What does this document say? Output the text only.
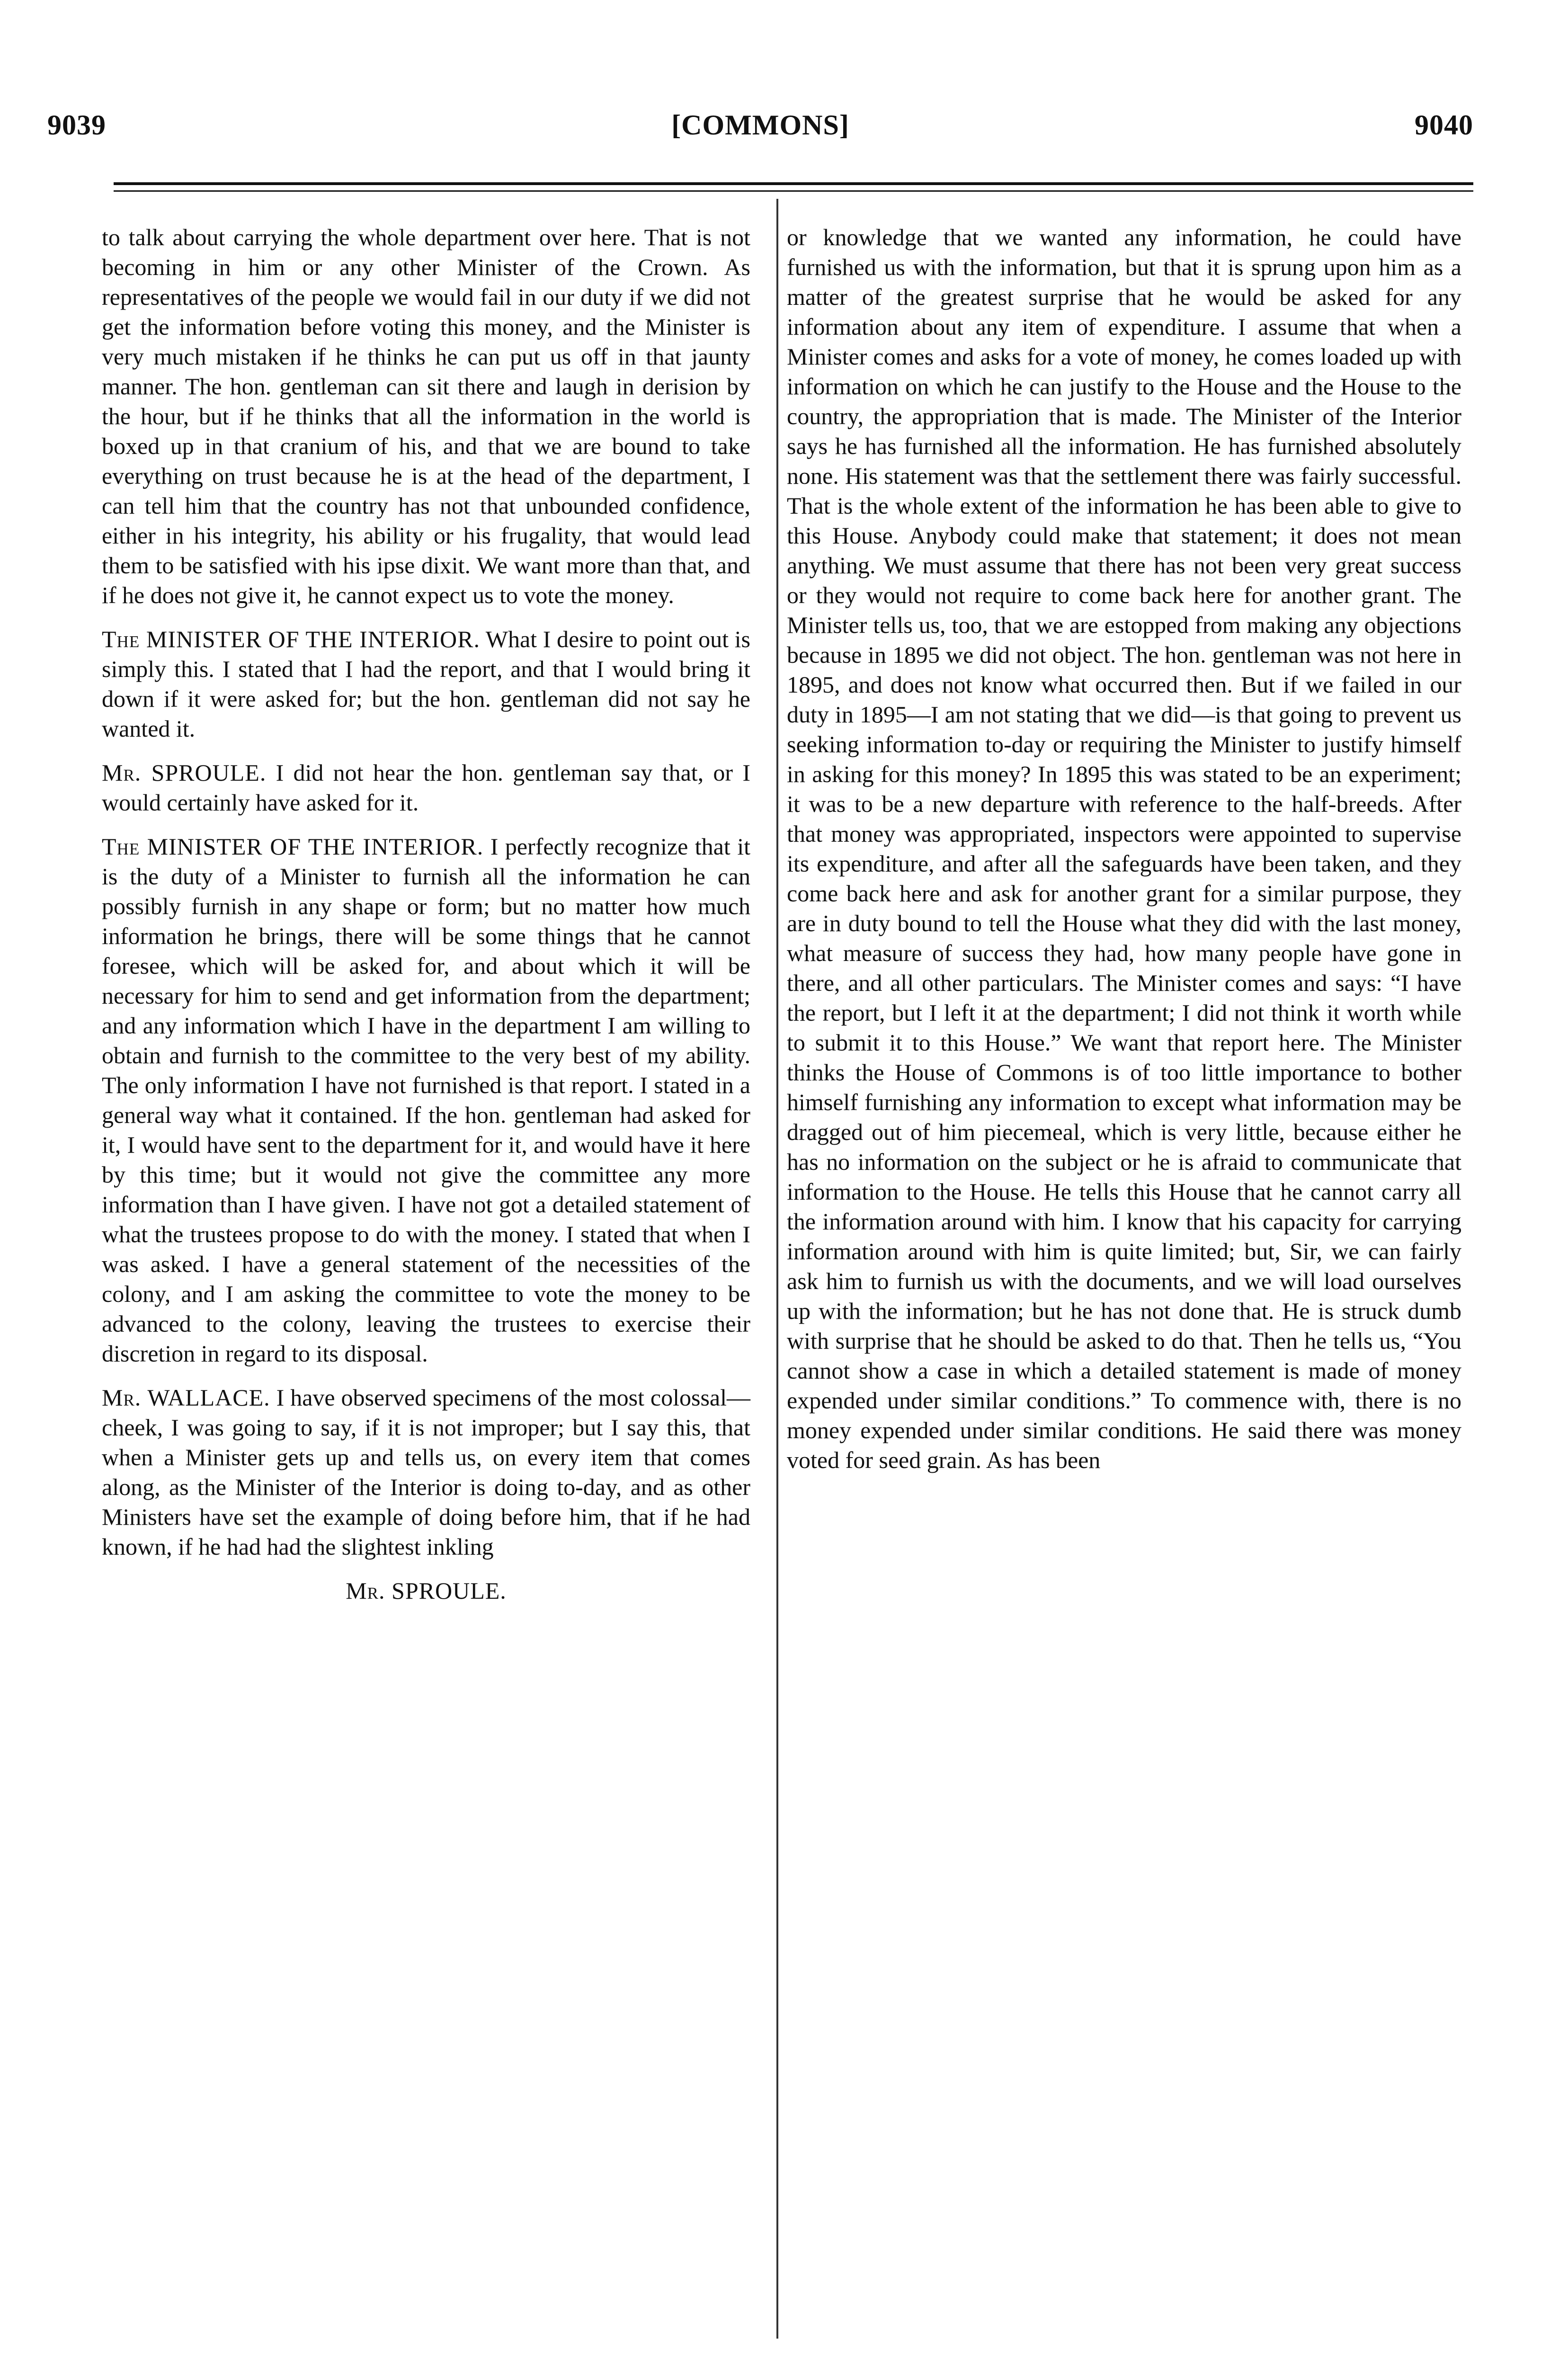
9039	[COMMONS]	9040

to talk about carrying the whole department over here. That is not becoming in him or any other Minister of the Crown. As representatives of the people we would fail in our duty if we did not get the information before voting this money, and the Minister is very much mistaken if he thinks he can put us off in that jaunty manner. The hon. gentleman can sit there and laugh in derision by the hour, but if he thinks that all the information in the world is boxed up in that cranium of his, and that we are bound to take everything on trust because he is at the head of the department, I can tell him that the country has not that unbounded confidence, either in his integrity, his ability or his frugality, that would lead them to be satisfied with his ipse dixit. We want more than that, and if he does not give it, he cannot expect us to vote the money.

The MINISTER OF THE INTERIOR. What I desire to point out is simply this. I stated that I had the report, and that I would bring it down if it were asked for; but the hon. gentleman did not say he wanted it.

Mr. SPROULE. I did not hear the hon. gentleman say that, or I would certainly have asked for it.

The MINISTER OF THE INTERIOR. I perfectly recognize that it is the duty of a Minister to furnish all the information he can possibly furnish in any shape or form; but no matter how much information he brings, there will be some things that he cannot foresee, which will be asked for, and about which it will be necessary for him to send and get information from the department; and any information which I have in the department I am willing to obtain and furnish to the committee to the very best of my ability. The only information I have not furnished is that report. I stated in a general way what it contained. If the hon. gentleman had asked for it, I would have sent to the department for it, and would have it here by this time; but it would not give the committee any more information than I have given. I have not got a detailed statement of what the trustees propose to do with the money. I stated that when I was asked. I have a general statement of the necessities of the colony, and I am asking the committee to vote the money to be advanced to the colony, leaving the trustees to exercise their discretion in regard to its disposal.

Mr. WALLACE. I have observed specimens of the most colossal—cheek, I was going to say, if it is not improper; but I say this, that when a Minister gets up and tells us, on every item that comes along, as the Minister of the Interior is doing to-day, and as other Ministers have set the example of doing before him, that if he had known, if he had had the slightest inkling

Mr. SPROULE.

or knowledge that we wanted any information, he could have furnished us with the information, but that it is sprung upon him as a matter of the greatest surprise that he would be asked for any information about any item of expenditure. I assume that when a Minister comes and asks for a vote of money, he comes loaded up with information on which he can justify to the House and the House to the country, the appropriation that is made. The Minister of the Interior says he has furnished all the information. He has furnished absolutely none. His statement was that the settlement there was fairly successful. That is the whole extent of the information he has been able to give to this House. Anybody could make that statement; it does not mean anything. We must assume that there has not been very great success or they would not require to come back here for another grant. The Minister tells us, too, that we are estopped from making any objections because in 1895 we did not object. The hon. gentleman was not here in 1895, and does not know what occurred then. But if we failed in our duty in 1895—I am not stating that we did—is that going to prevent us seeking information to-day or requiring the Minister to justify himself in asking for this money? In 1895 this was stated to be an experiment; it was to be a new departure with reference to the half-breeds. After that money was appropriated, inspectors were appointed to supervise its expenditure, and after all the safeguards have been taken, and they come back here and ask for another grant for a similar purpose, they are in duty bound to tell the House what they did with the last money, what measure of success they had, how many people have gone in there, and all other particulars. The Minister comes and says: “I have the report, but I left it at the department; I did not think it worth while to submit it to this House.” We want that report here. The Minister thinks the House of Commons is of too little importance to bother himself furnishing any information to except what information may be dragged out of him piecemeal, which is very little, because either he has no information on the subject or he is afraid to communicate that information to the House. He tells this House that he cannot carry all the information around with him. I know that his capacity for carrying information around with him is quite limited; but, Sir, we can fairly ask him to furnish us with the documents, and we will load ourselves up with the information; but he has not done that. He is struck dumb with surprise that he should be asked to do that. Then he tells us, “You cannot show a case in which a detailed statement is made of money expended under similar conditions.” To commence with, there is no money expended under similar conditions. He said there was money voted for seed grain. As has been
